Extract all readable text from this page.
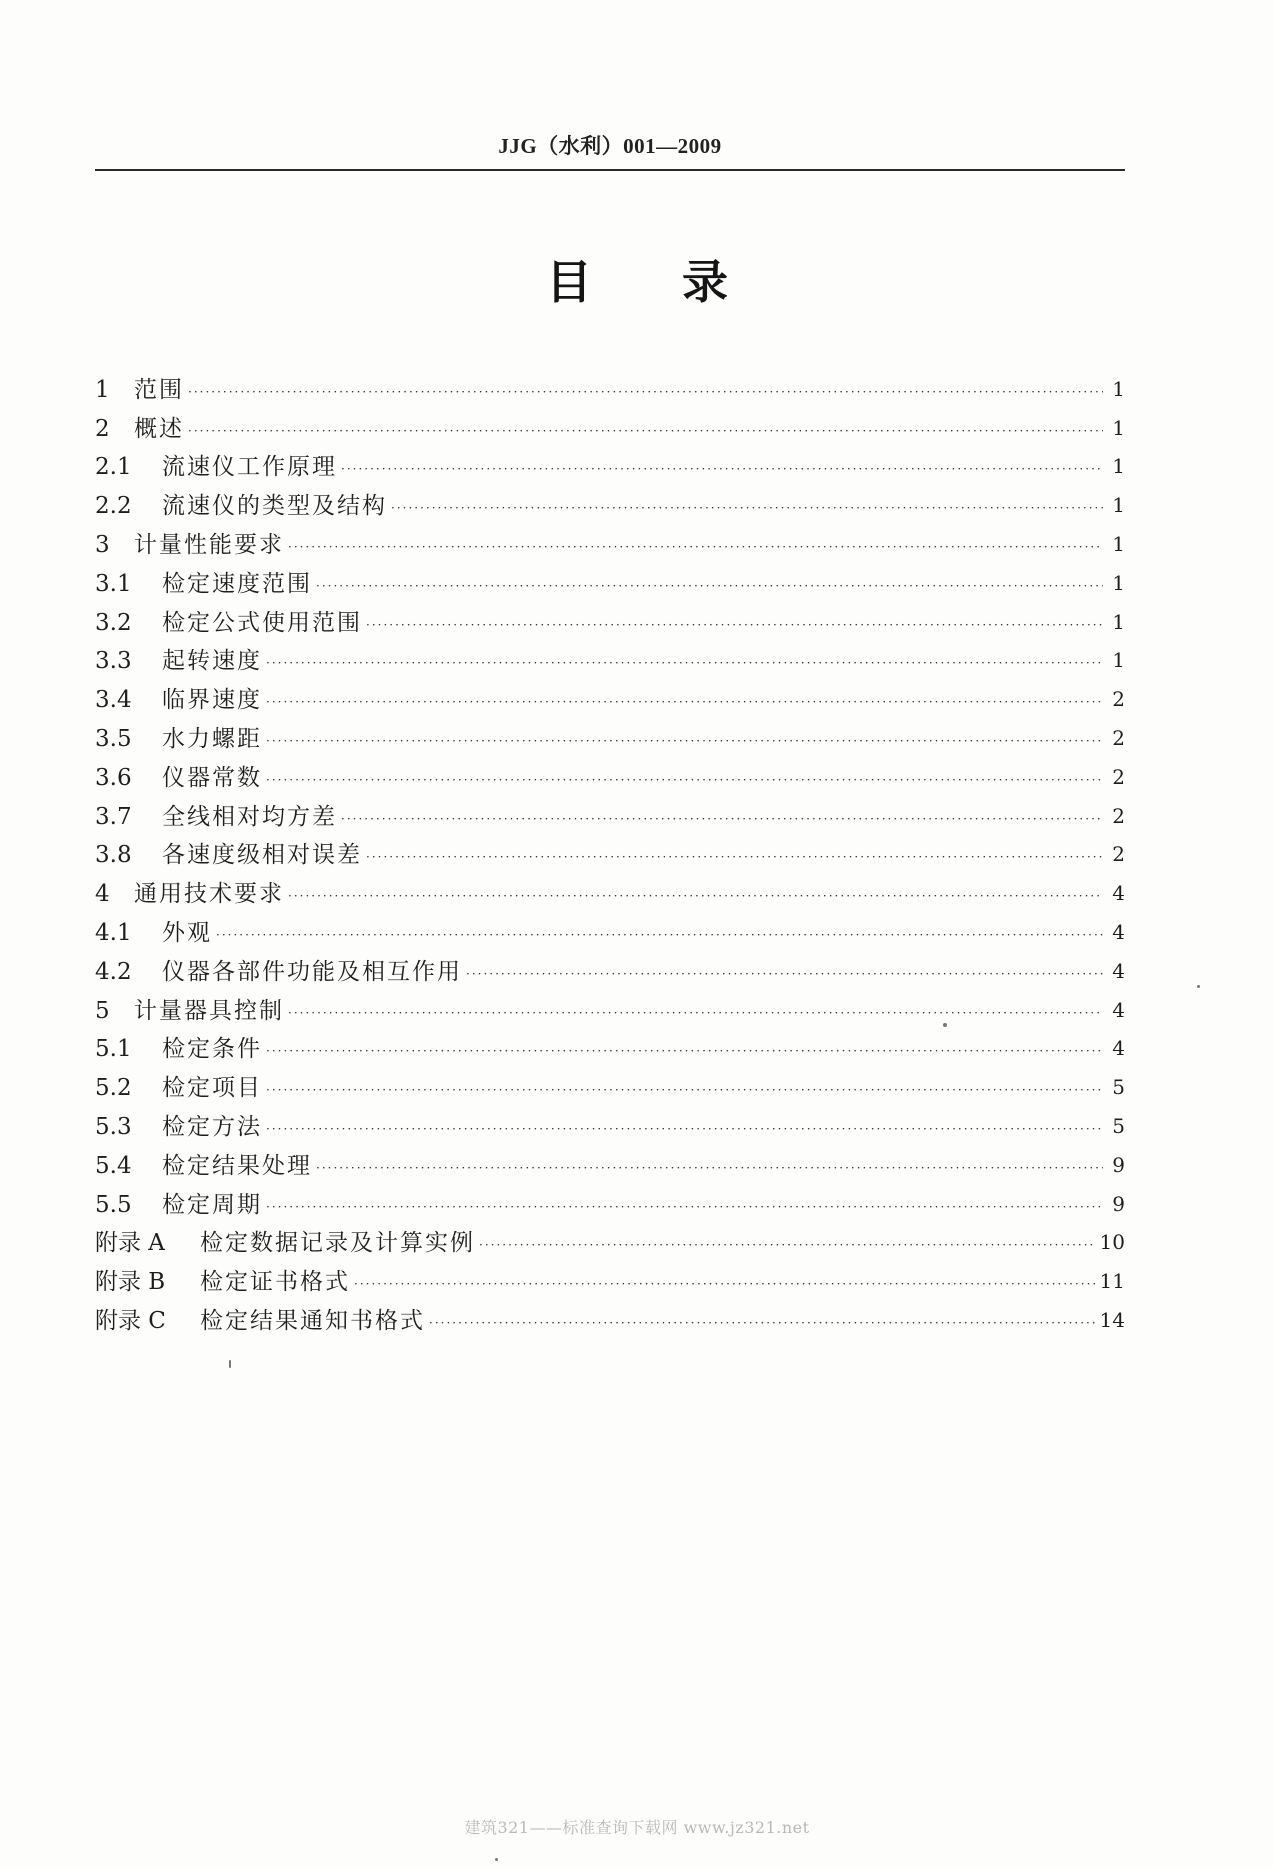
JJG（水利）001—2009
目 录
1	范围 ·····	1
2	概述 ·····	1
2.1	流速仪工作原理 ·····	1
2.2	流速仪的类型及结构 ·····	1
3	计量性能要求 ·····	1
3.1	检定速度范围 ·····	1
3.2	检定公式使用范围 ·····	1
3.3	起转速度 ·····	1
3.4	临界速度 ·····	2
3.5	水力螺距 ·····	2
3.6	仪器常数 ·····	2
3.7	全线相对均方差 ·····	2
3.8	各速度级相对误差 ·····	2
4	通用技术要求 ·····	4
4.1	外观 ·····	4
4.2	仪器各部件功能及相互作用 ·····	4
5	计量器具控制 ·····	4
5.1	检定条件 ·····	4
5.2	检定项目 ·····	5
5.3	检定方法 ·····	5
5.4	检定结果处理 ·····	9
5.5	检定周期 ·····	9
附录 A	检定数据记录及计算实例 ·····	10
附录 B	检定证书格式 ·····	11
附录 C	检定结果通知书格式 ·····	14
建筑321——标准查询下载网 www.jz321.net
